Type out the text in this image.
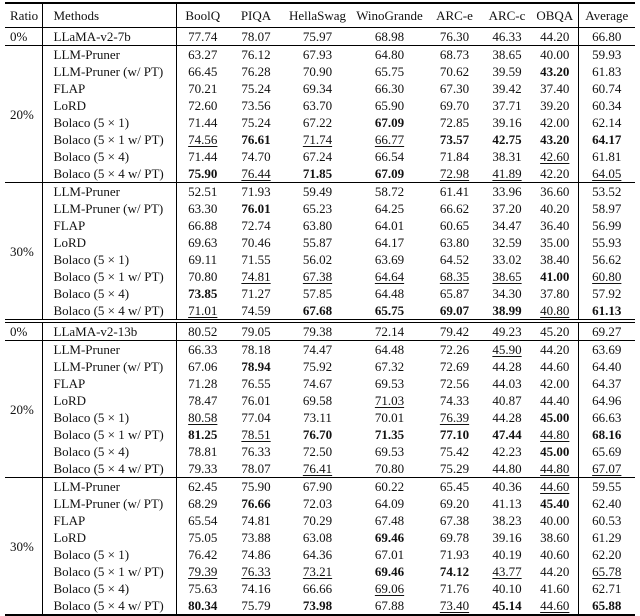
Ratio	Methods	BoolQ	PIQA	HellaSwag	WinoGrande	ARC-e	ARC-c	OBQA	Average
0%	LLaMA-v2-7b	77.74	78.07	75.97	68.98	76.30	46.33	44.20	66.80
20%	LLM-Pruner	63.27	76.12	67.93	64.80	68.73	38.65	40.00	59.93
	LLM-Pruner (w/ PT)	66.45	76.28	70.90	65.75	70.62	39.59	43.20	61.83
	FLAP	70.21	75.24	69.34	66.30	67.30	39.42	37.40	60.74
	LoRD	72.60	73.56	63.70	65.90	69.70	37.71	39.20	60.34
	Bolaco (5 × 1)	71.44	75.24	67.22	67.09	72.85	39.16	42.00	62.14
	Bolaco (5 × 1 w/ PT)	74.56	76.61	71.74	66.77	73.57	42.75	43.20	64.17
	Bolaco (5 × 4)	71.44	74.70	67.24	66.54	71.84	38.31	42.60	61.81
	Bolaco (5 × 4 w/ PT)	75.90	76.44	71.85	67.09	72.98	41.89	42.20	64.05
30%	LLM-Pruner	52.51	71.93	59.49	58.72	61.41	33.96	36.60	53.52
	LLM-Pruner (w/ PT)	63.30	76.01	65.23	64.25	66.62	37.20	40.20	58.97
	FLAP	66.88	72.74	63.80	64.01	60.65	34.47	36.40	56.99
	LoRD	69.63	70.46	55.87	64.17	63.80	32.59	35.00	55.93
	Bolaco (5 × 1)	69.11	71.55	56.02	63.69	64.52	33.02	38.40	56.62
	Bolaco (5 × 1 w/ PT)	70.80	74.81	67.38	64.64	68.35	38.65	41.00	60.80
	Bolaco (5 × 4)	73.85	71.27	57.85	64.48	65.87	34.30	37.80	57.92
	Bolaco (5 × 4 w/ PT)	71.01	74.59	67.68	65.75	69.07	38.99	40.80	61.13
0%	LLaMA-v2-13b	80.52	79.05	79.38	72.14	79.42	49.23	45.20	69.27
20%	LLM-Pruner	66.33	78.18	74.47	64.48	72.26	45.90	44.20	63.69
	LLM-Pruner (w/ PT)	67.06	78.94	75.92	67.32	72.69	44.28	44.60	64.40
	FLAP	71.28	76.55	74.67	69.53	72.56	44.03	42.00	64.37
	LoRD	78.47	76.01	69.58	71.03	74.33	40.87	44.40	64.96
	Bolaco (5 × 1)	80.58	77.04	73.11	70.01	76.39	44.28	45.00	66.63
	Bolaco (5 × 1 w/ PT)	81.25	78.51	76.70	71.35	77.10	47.44	44.80	68.16
	Bolaco (5 × 4)	78.81	76.33	72.50	69.53	75.42	42.23	45.00	65.69
	Bolaco (5 × 4 w/ PT)	79.33	78.07	76.41	70.80	75.29	44.80	44.80	67.07
30%	LLM-Pruner	62.45	75.90	67.90	60.22	65.45	40.36	44.60	59.55
	LLM-Pruner (w/ PT)	68.29	76.66	72.03	64.09	69.20	41.13	45.40	62.40
	FLAP	65.54	74.81	70.29	67.48	67.38	38.23	40.00	60.53
	LoRD	75.05	73.88	63.08	69.46	69.78	39.16	38.60	61.29
	Bolaco (5 × 1)	76.42	74.86	64.36	67.01	71.93	40.19	40.60	62.20
	Bolaco (5 × 1 w/ PT)	79.39	76.33	73.21	69.46	74.12	43.77	44.20	65.78
	Bolaco (5 × 4)	75.63	74.16	66.66	69.06	71.76	40.10	41.60	62.71
	Bolaco (5 × 4 w/ PT)	80.34	75.79	73.98	67.88	73.40	45.14	44.60	65.88
